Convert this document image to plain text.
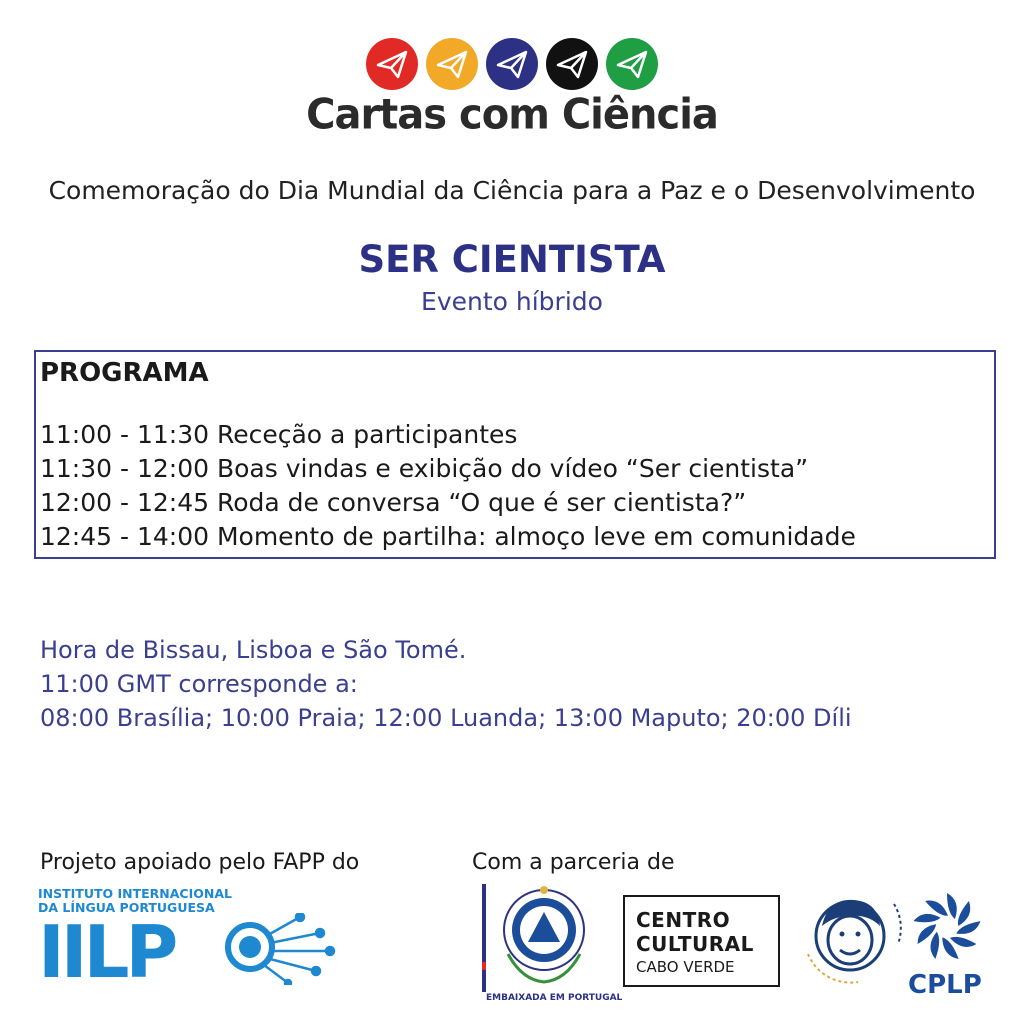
Cartas com Ciência
Comemoração do Dia Mundial da Ciência para a Paz e o Desenvolvimento
SER CIENTISTA
Evento híbrido
PROGRAMA
11:00 - 11:30 Receção a participantes
11:30 - 12:00 Boas vindas e exibição do vídeo “Ser cientista”
12:00 - 12:45 Roda de conversa “O que é ser cientista?”
12:45 - 14:00 Momento de partilha: almoço leve em comunidade
Hora de Bissau, Lisboa e São Tomé.
11:00 GMT corresponde a:
08:00 Brasília; 10:00 Praia; 12:00 Luanda; 13:00 Maputo; 20:00 Díli
Projeto apoiado pelo FAPP do
INSTITUTO INTERNACIONAL
DA LÍNGUA PORTUGUESA
IILP
Com a parceria de
EMBAIXADA EM PORTUGAL
CENTRO
CULTURAL
CABO VERDE
CPLP
